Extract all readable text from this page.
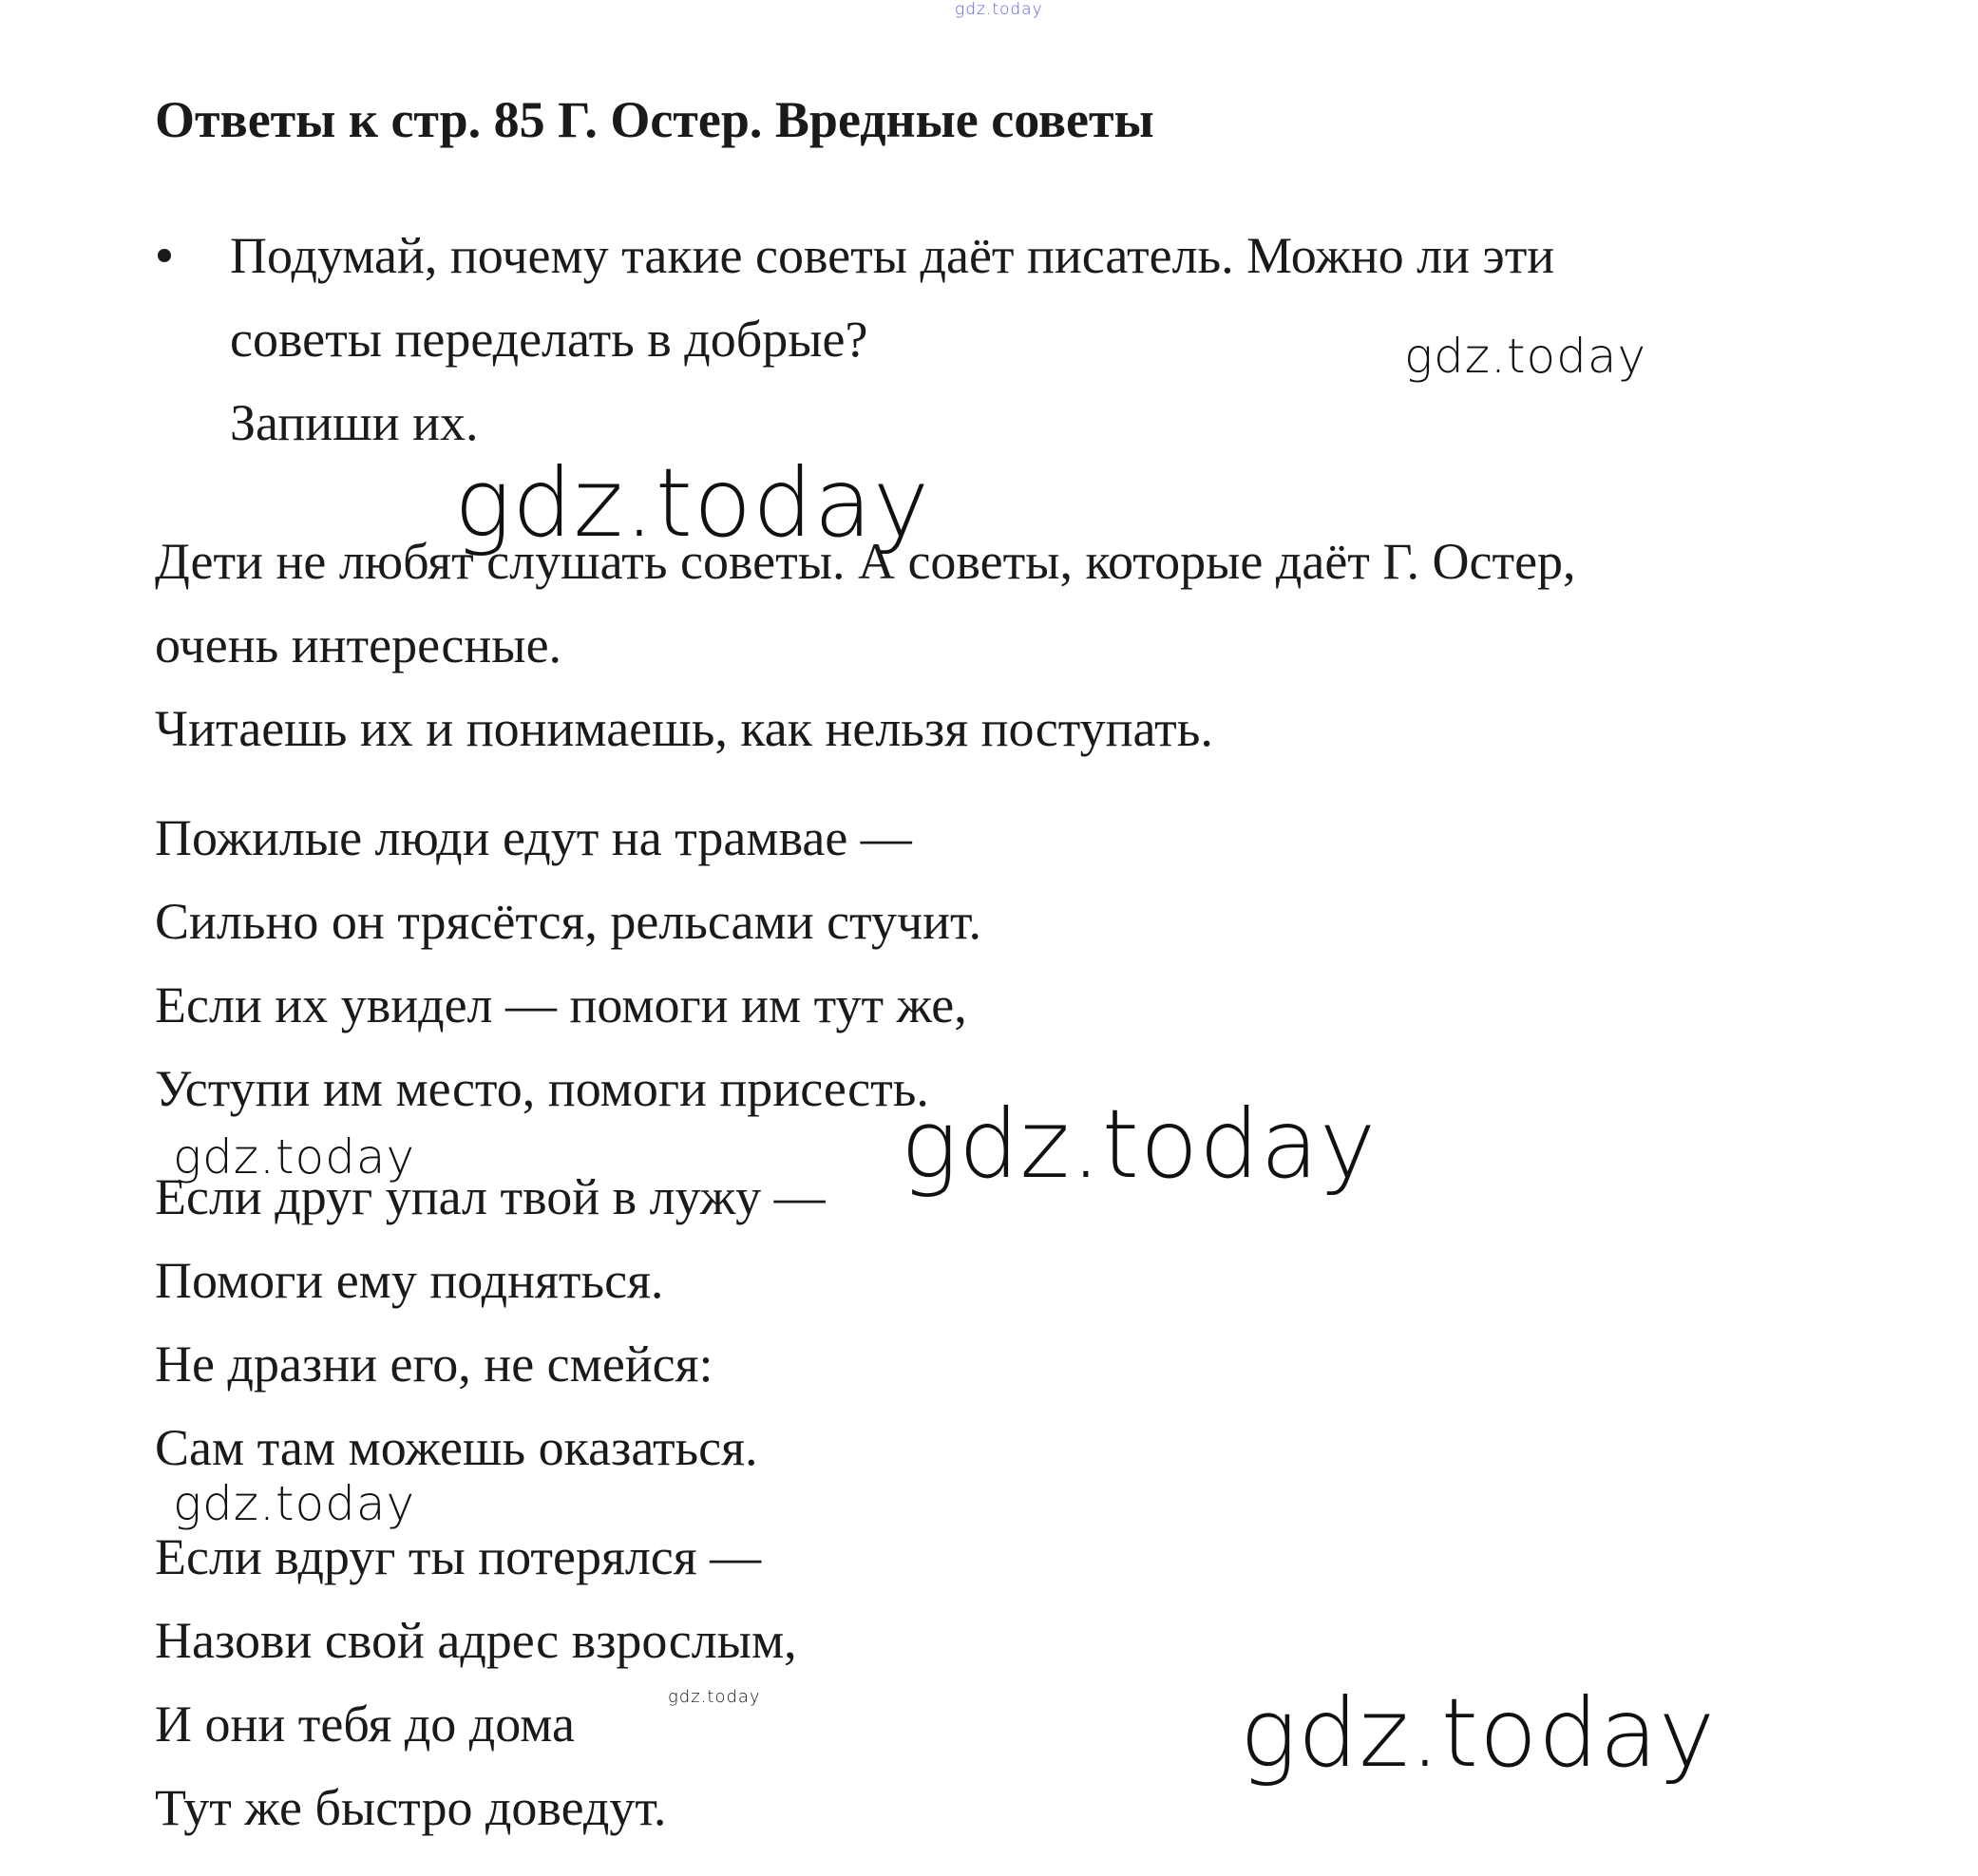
Ответы к стр. 85 Г. Остер. Вредные советы
Подумай, почему такие советы даёт писатель. Можно ли эти
советы переделать в добрые?
Запиши их.
Дети не любят слушать советы. А советы, которые даёт Г. Остер,
очень интересные.
Читаешь их и понимаешь, как нельзя поступать.
Пожилые люди едут на трамвае —
Сильно он трясётся, рельсами стучит.
Если их увидел — помоги им тут же,
Уступи им место, помоги присесть.
Если друг упал твой в лужу —
Помоги ему подняться.
Не дразни его, не смейся:
Сам там можешь оказаться.
Если вдруг ты потерялся —
Назови свой адрес взрослым,
И они тебя до дома
Тут же быстро доведут.
gdz.today
gdz.today
gdz.today
gdz.today	gdz.today
gdz.today
gdz.today	gdz.today
